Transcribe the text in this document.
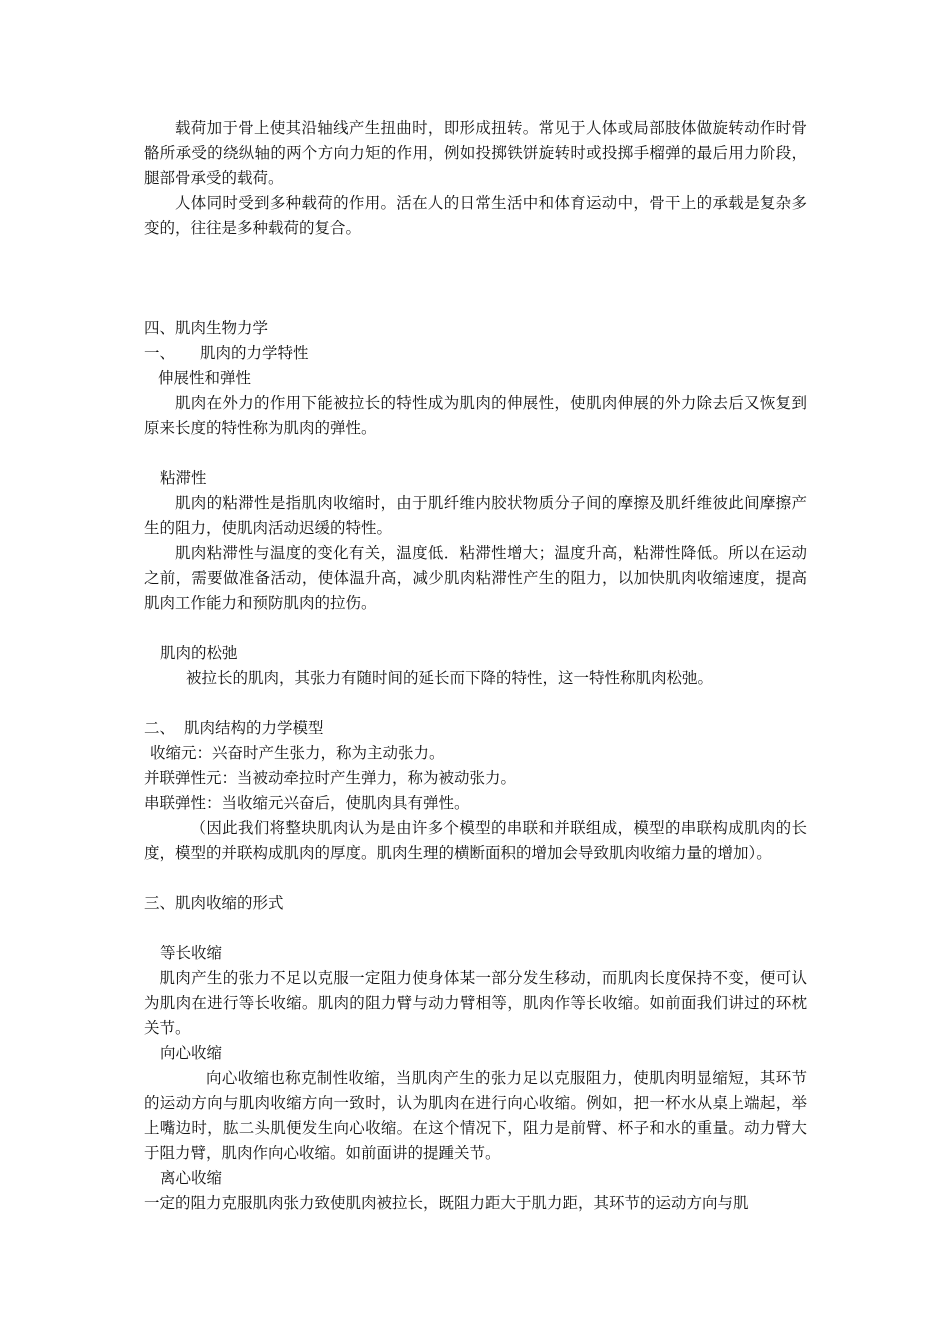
载荷加于骨上使其沿轴线产生扭曲时，即形成扭转。常见于人体或局部肢体做旋转动作时骨骼所承受的绕纵轴的两个方向力矩的作用，例如投掷铁饼旋转时或投掷手榴弹的最后用力阶段，腿部骨承受的载荷。

人体同时受到多种载荷的作用。活在人的日常生活中和体育运动中，骨干上的承载是复杂多变的，往往是多种载荷的复合。

四、肌肉生物力学

一、 肌肉的力学特性

伸展性和弹性

肌肉在外力的作用下能被拉长的特性成为肌肉的伸展性，使肌肉伸展的外力除去后又恢复到原来长度的特性称为肌肉的弹性。

粘滞性

肌肉的粘滞性是指肌肉收缩时，由于肌纤维内胶状物质分子间的摩擦及肌纤维彼此间摩擦产生的阻力，使肌肉活动迟缓的特性。

肌肉粘滞性与温度的变化有关，温度低．粘滞性增大；温度升高，粘滞性降低。所以在运动之前，需要做准备活动，使体温升高，减少肌肉粘滞性产生的阻力，以加快肌肉收缩速度，提高肌肉工作能力和预防肌肉的拉伤。

肌肉的松弛

被拉长的肌肉，其张力有随时间的延长而下降的特性，这一特性称肌肉松弛。

二、 肌肉结构的力学模型

收缩元：兴奋时产生张力，称为主动张力。

并联弹性元：当被动牵拉时产生弹力，称为被动张力。

串联弹性：当收缩元兴奋后，使肌肉具有弹性。

（因此我们将整块肌肉认为是由许多个模型的串联和并联组成，模型的串联构成肌肉的长度，模型的并联构成肌肉的厚度。肌肉生理的横断面积的增加会导致肌肉收缩力量的增加）。

三、肌肉收缩的形式

等长收缩

肌肉产生的张力不足以克服一定阻力使身体某一部分发生移动，而肌肉长度保持不变，便可认为肌肉在进行等长收缩。肌肉的阻力臂与动力臂相等，肌肉作等长收缩。如前面我们讲过的环枕关节。

向心收缩

向心收缩也称克制性收缩，当肌肉产生的张力足以克服阻力，使肌肉明显缩短，其环节的运动方向与肌肉收缩方向一致时，认为肌肉在进行向心收缩。例如，把一杯水从桌上端起，举上嘴边时，肱二头肌便发生向心收缩。在这个情况下，阻力是前臂、杯子和水的重量。动力臂大于阻力臂，肌肉作向心收缩。如前面讲的提踵关节。

离心收缩

一定的阻力克服肌肉张力致使肌肉被拉长，既阻力距大于肌力距，其环节的运动方向与肌
